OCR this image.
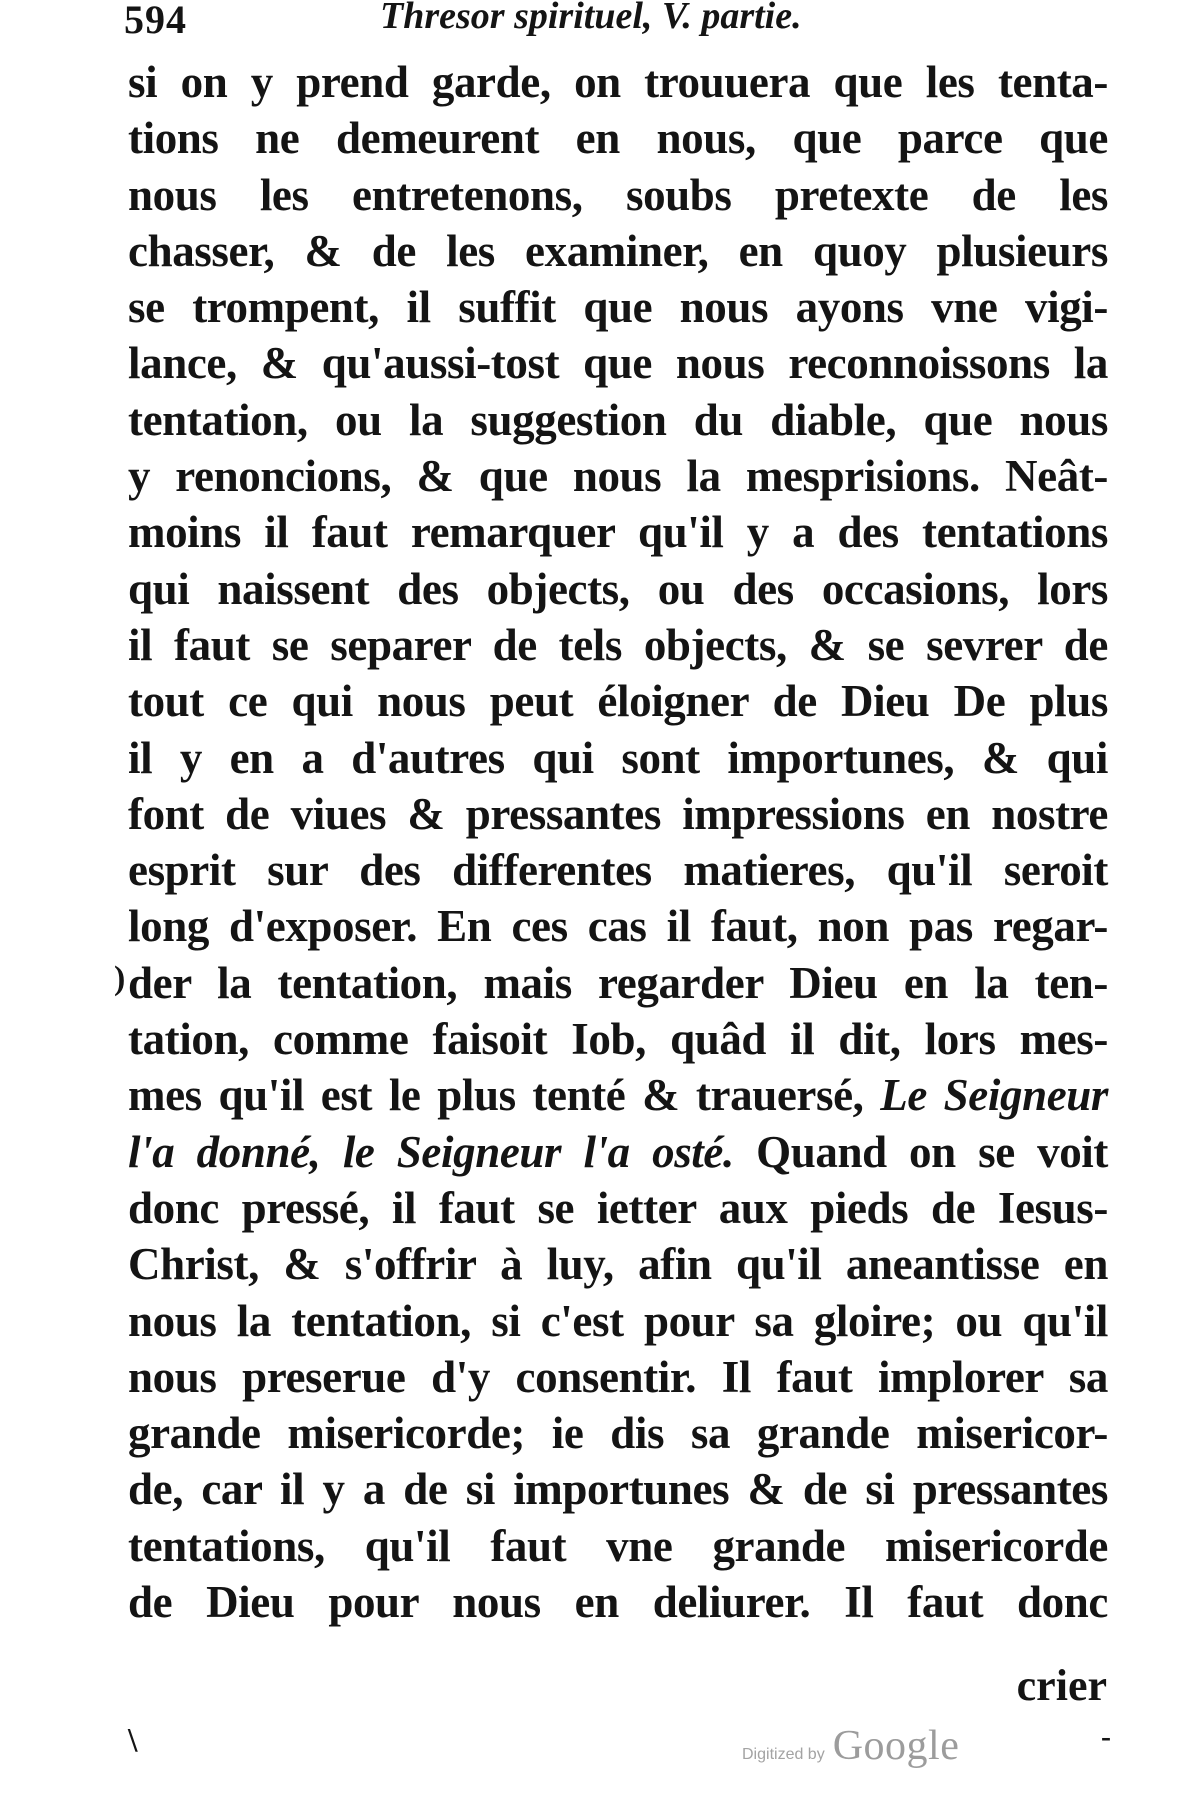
594	Thresor spirituel, V. partie.
si on y prend garde, on trouuera que les tenta-
tions ne demeurent en nous, que parce que
nous les entretenons, soubs pretexte de les
chasser, & de les examiner, en quoy plusieurs
se trompent, il suffit que nous ayons vne vigi-
lance, & qu'aussi-tost que nous reconnoissons la
tentation, ou la suggestion du diable, que nous
y renoncions, & que nous la mesprisions. Neât-
moins il faut remarquer qu'il y a des tentations
qui naissent des objects, ou des occasions, lors
il faut se separer de tels objects, & se sevrer de
tout ce qui nous peut éloigner de Dieu De plus
il y en a d'autres qui sont importunes, & qui
font de viues & pressantes impressions en nostre
esprit sur des differentes matieres, qu'il seroit
long d'exposer. En ces cas il faut, non pas regar-
der la tentation, mais regarder Dieu en la ten-
tation, comme faisoit Iob, quâd il dit, lors mes-
mes qu'il est le plus tenté & trauersé, Le Seigneur
l'a donné, le Seigneur l'a osté. Quand on se voit
donc pressé, il faut se ietter aux pieds de Iesus-
Christ, & s'offrir à luy, afin qu'il aneantisse en
nous la tentation, si c'est pour sa gloire; ou qu'il
nous preserue d'y consentir. Il faut implorer sa
grande misericorde; ie dis sa grande misericor-
de, car il y a de si importunes & de si pressantes
tentations, qu'il faut vne grande misericorde
de Dieu pour nous en deliurer. Il faut donc
crier
)
\	-
Digitized by Google
